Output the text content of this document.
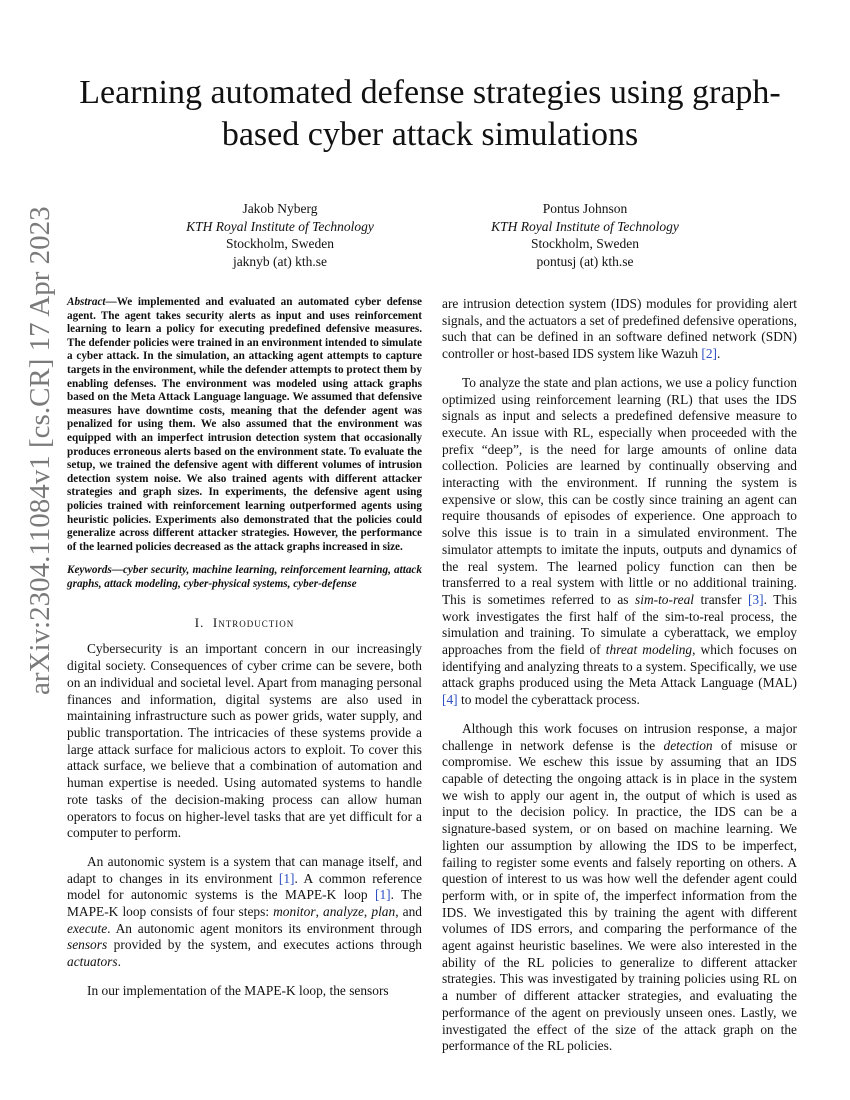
Learning automated defense strategies using graph-based cyber attack simulations
Jakob Nyberg
KTH Royal Institute of Technology
Stockholm, Sweden
jaknyb (at) kth.se
Pontus Johnson
KTH Royal Institute of Technology
Stockholm, Sweden
pontusj (at) kth.se
arXiv:2304.11084v1 [cs.CR] 17 Apr 2023 Abstract—We implemented and evaluated an automated cyber defense agent. The agent takes security alerts as input and uses reinforcement learning to learn a policy for executing predefined defensive measures. The defender policies were trained in an environment intended to simulate a cyber attack. In the simulation, an attacking agent attempts to capture targets in the environment, while the defender attempts to protect them by enabling defenses. The environment was modeled using attack graphs based on the Meta Attack Language language. We assumed that defensive measures have downtime costs, meaning that the defender agent was penalized for using them. We also assumed that the environment was equipped with an imperfect intrusion detection system that occasionally produces erroneous alerts based on the environment state. To evaluate the setup, we trained the defensive agent with different volumes of intrusion detection system noise. We also trained agents with different attacker strategies and graph sizes. In experiments, the defensive agent using policies trained with reinforcement learning outperformed agents using heuristic policies. Experiments also demonstrated that the policies could generalize across different attacker strategies. However, the performance of the learned policies decreased as the attack graphs increased in size.

Keywords—cyber security, machine learning, reinforcement learning, attack graphs, attack modeling, cyber-physical systems, cyber-defense

I. Introduction

Cybersecurity is an important concern in our increasingly digital society. Consequences of cyber crime can be severe, both on an individual and societal level. Apart from managing personal finances and information, digital systems are also used in maintaining infrastructure such as power grids, water supply, and public transportation. The intricacies of these systems provide a large attack surface for malicious actors to exploit. To cover this attack surface, we believe that a combination of automation and human expertise is needed. Using automated systems to handle rote tasks of the decision-making process can allow human operators to focus on higher-level tasks that are yet difficult for a computer to perform.

An autonomic system is a system that can manage itself, and adapt to changes in its environment [1]. A common reference model for autonomic systems is the MAPE-K loop [1]. The MAPE-K loop consists of four steps: monitor, analyze, plan, and execute. An autonomic agent monitors its environment through sensors provided by the system, and executes actions through actuators.

In our implementation of the MAPE-K loop, the sensors

are intrusion detection system (IDS) modules for providing alert signals, and the actuators a set of predefined defensive operations, such that can be defined in an software defined network (SDN) controller or host-based IDS system like Wazuh [2].

To analyze the state and plan actions, we use a policy function optimized using reinforcement learning (RL) that uses the IDS signals as input and selects a predefined defensive measure to execute. An issue with RL, especially when proceeded with the prefix “deep”, is the need for large amounts of online data collection. Policies are learned by continually observing and interacting with the environment. If running the system is expensive or slow, this can be costly since training an agent can require thousands of episodes of experience. One approach to solve this issue is to train in a simulated environment. The simulator attempts to imitate the inputs, outputs and dynamics of the real system. The learned policy function can then be transferred to a real system with little or no additional training. This is sometimes referred to as sim-to-real transfer [3]. This work investigates the first half of the sim-to-real process, the simulation and training. To simulate a cyberattack, we employ approaches from the field of threat modeling, which focuses on identifying and analyzing threats to a system. Specifically, we use attack graphs produced using the Meta Attack Language (MAL) [4] to model the cyberattack process.

Although this work focuses on intrusion response, a major challenge in network defense is the detection of misuse or compromise. We eschew this issue by assuming that an IDS capable of detecting the ongoing attack is in place in the system we wish to apply our agent in, the output of which is used as input to the decision policy. In practice, the IDS can be a signature-based system, or on based on machine learning. We lighten our assumption by allowing the IDS to be imperfect, failing to register some events and falsely reporting on others. A question of interest to us was how well the defender agent could perform with, or in spite of, the imperfect information from the IDS. We investigated this by training the agent with different volumes of IDS errors, and comparing the performance of the agent against heuristic baselines. We were also interested in the ability of the RL policies to generalize to different attacker strategies. This was investigated by training policies using RL on a number of different attacker strategies, and evaluating the performance of the agent on previously unseen ones. Lastly, we investigated the effect of the size of the attack graph on the performance of the RL policies.
